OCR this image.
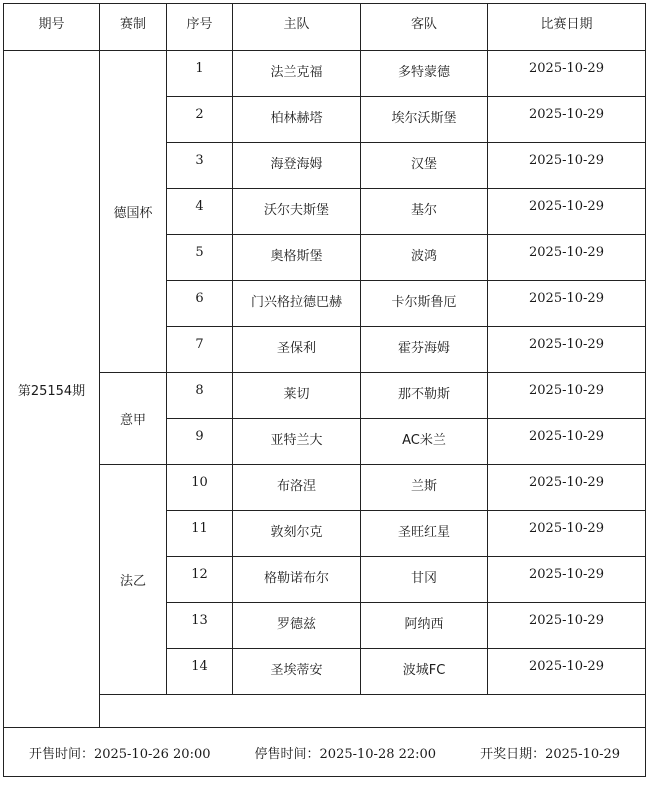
期号	赛制	序号	主队	客队	比赛日期
第25154期	德国杯	1	法兰克福	多特蒙德	2025-10-29
		2	柏林赫塔	埃尔沃斯堡	2025-10-29
		3	海登海姆	汉堡	2025-10-29
		4	沃尔夫斯堡	基尔	2025-10-29
		5	奥格斯堡	波鸿	2025-10-29
		6	门兴格拉德巴赫	卡尔斯鲁厄	2025-10-29
		7	圣保利	霍芬海姆	2025-10-29
	意甲	8	莱切	那不勒斯	2025-10-29
		9	亚特兰大	AC米兰	2025-10-29
	法乙	10	布洛涅	兰斯	2025-10-29
		11	敦刻尔克	圣旺红星	2025-10-29
		12	格勒诺布尔	甘冈	2025-10-29
		13	罗德兹	阿纳西	2025-10-29
		14	圣埃蒂安	波城FC	2025-10-29

开售时间：2025-10-26 20:00 停售时间：2025-10-28 22:00 开奖日期：2025-10-29					
